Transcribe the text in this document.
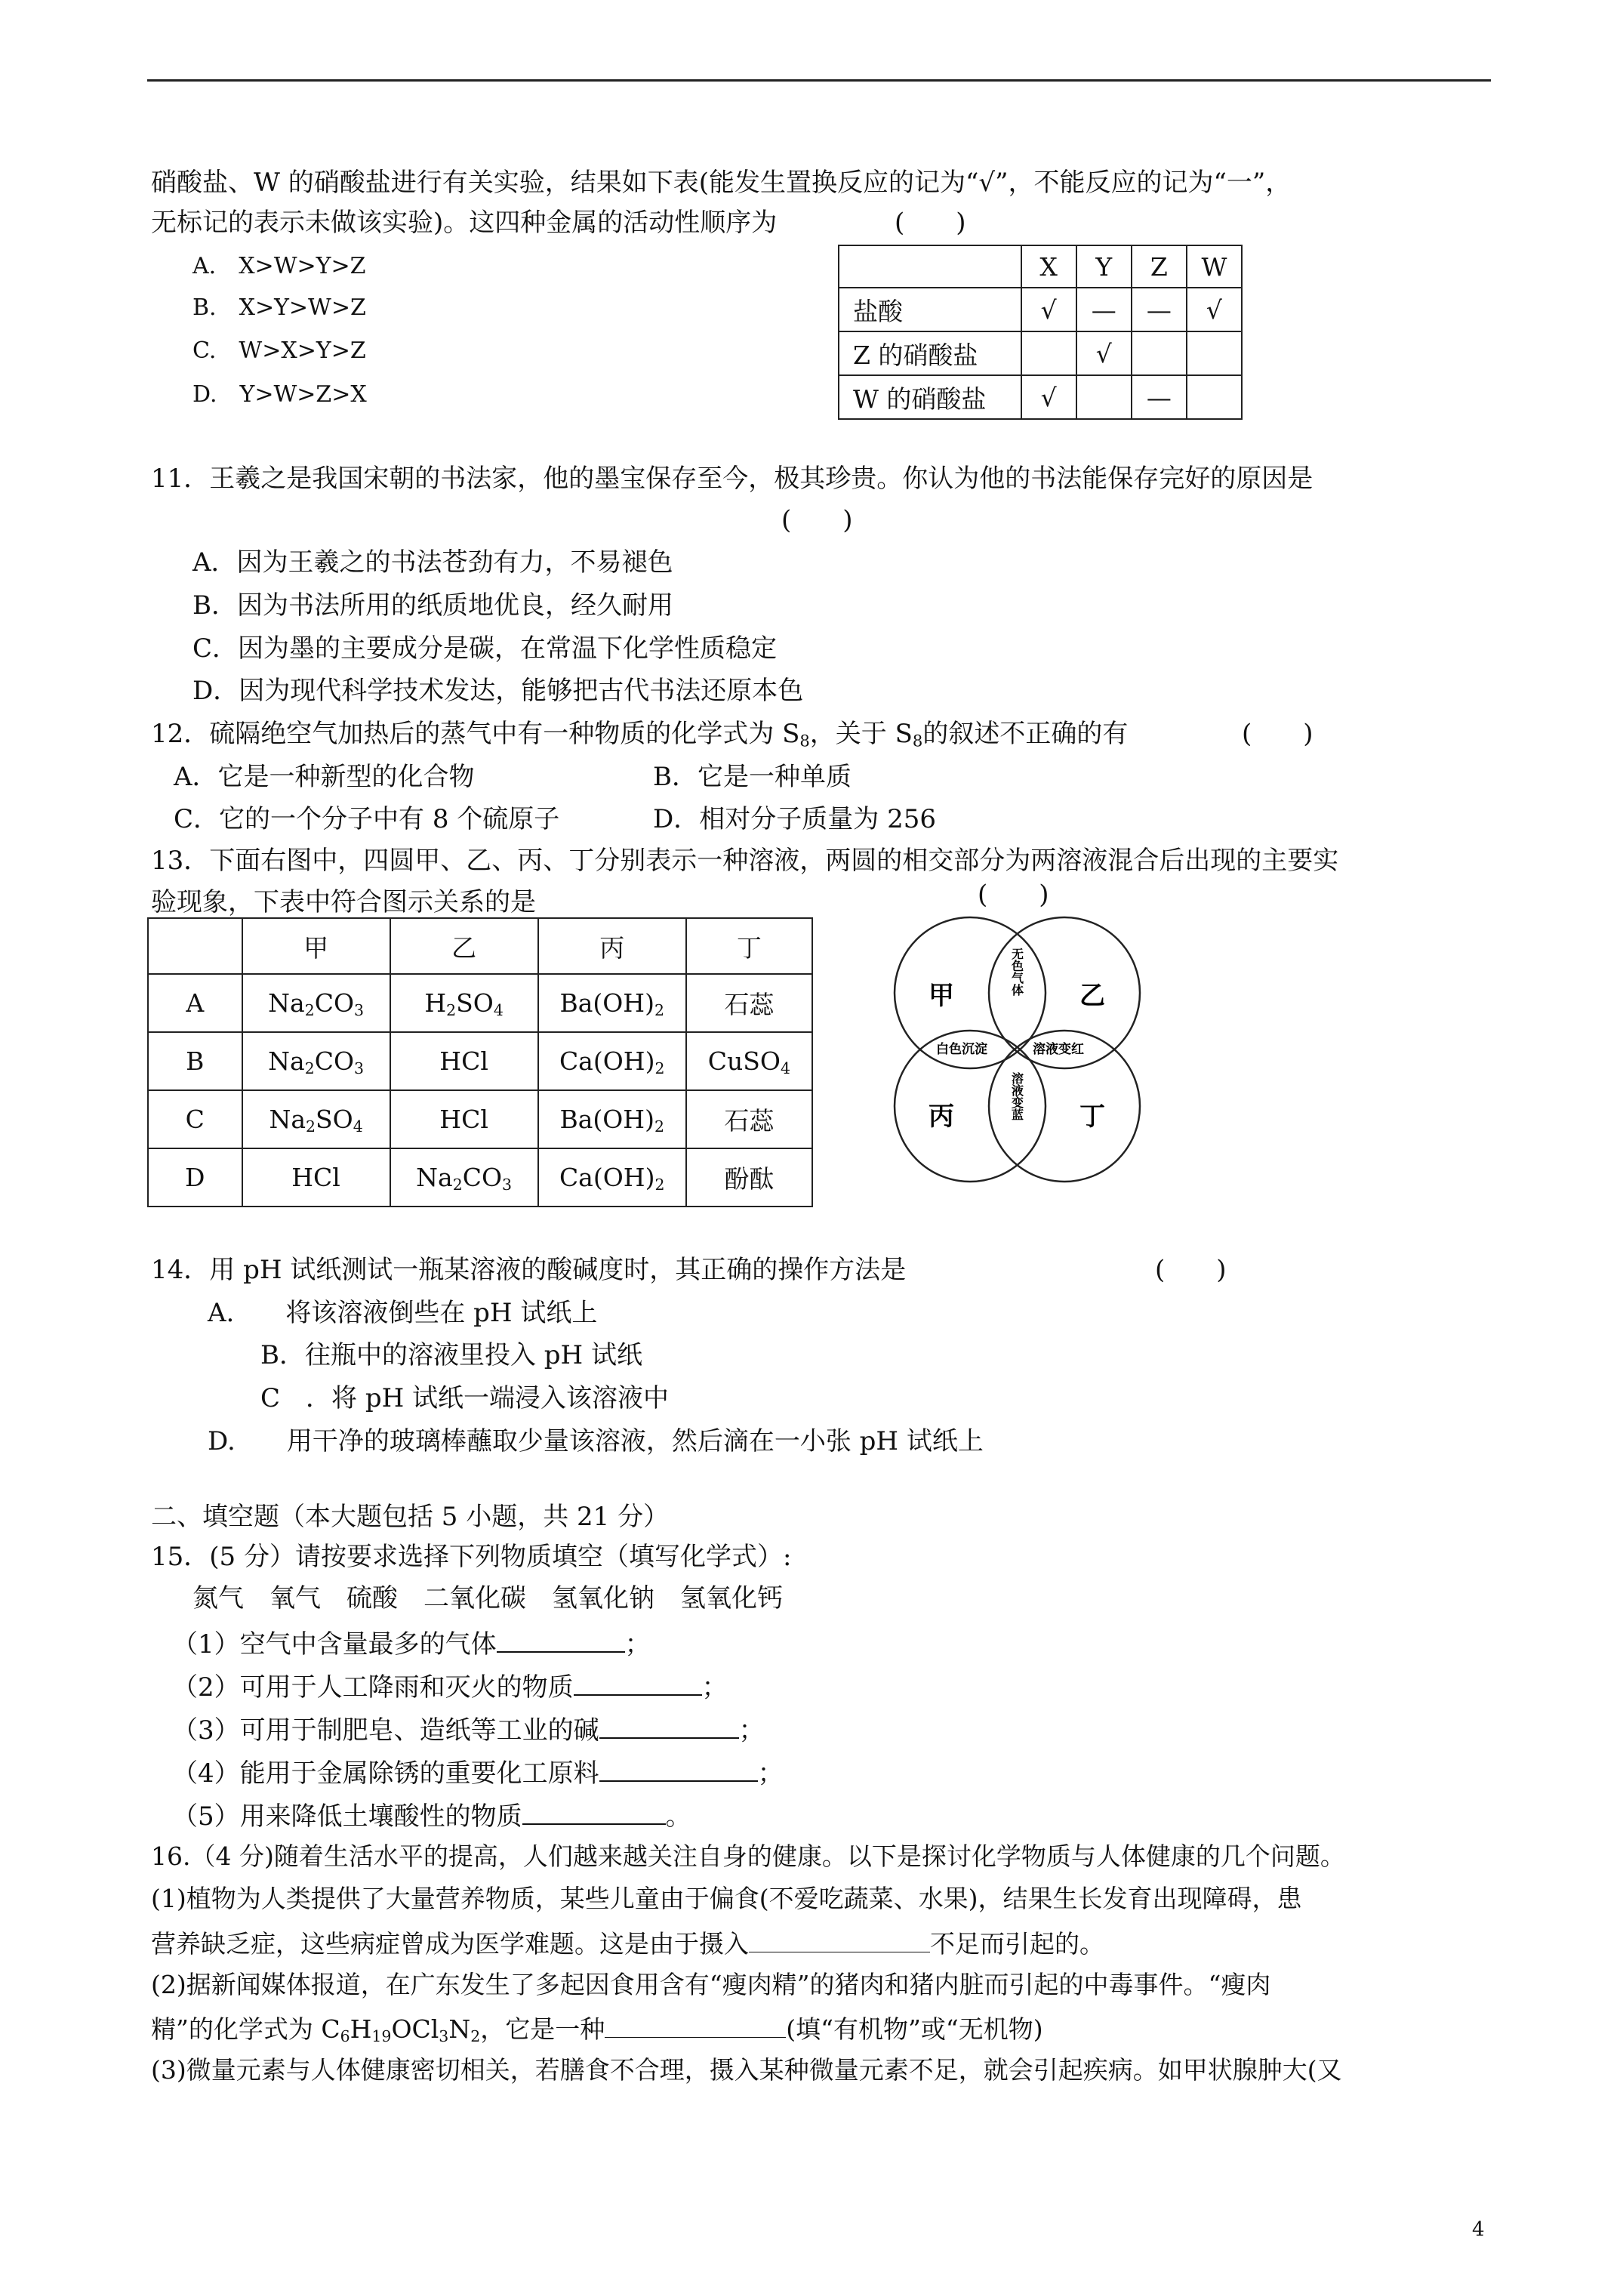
硝酸盐、W 的硝酸盐进行有关实验，结果如下表(能发生置换反应的记为“√”，不能反应的记为“一”，
无标记的表示未做该实验)。这四种金属的活动性顺序为	(　　)
A.　X>W>Y>Z
B.　X>Y>W>Z
C.　W>X>Y>Z
D.　Y>W>Z>X
	X	Y	Z	W
盐酸	√	—	—	√
Z 的硝酸盐		√		
W 的硝酸盐	√		—	
11．王羲之是我国宋朝的书法家，他的墨宝保存至今，极其珍贵。你认为他的书法能保存完好的原因是
(　　)
A．因为王羲之的书法苍劲有力，不易褪色
B．因为书法所用的纸质地优良，经久耐用
C．因为墨的主要成分是碳，在常温下化学性质稳定
D．因为现代科学技术发达，能够把古代书法还原本色
12．硫隔绝空气加热后的蒸气中有一种物质的化学式为 $S_8$，关于 $S_8$的叙述不正确的有	(　　)
A．它是一种新型的化合物	B．它是一种单质
C．它的一个分子中有 8 个硫原子	D．相对分子质量为 256
13．下面右图中，四圆甲、乙、丙、丁分别表示一种溶液，两圆的相交部分为两溶液混合后出现的主要实
验现象，下表中符合图示关系的是	(　　)
	甲	乙	丙	丁
A	$Na_2CO_3$	$H_2SO_4$	$Ba(OH)_2$	石蕊
B	$Na_2CO_3$	HCl	$Ca(OH)_2$	CuSO$_4$
C	$Na_2SO_4$	HCl	$Ba(OH)_2$	石蕊
D	HCl	$Na_2CO_3$	$Ca(OH)_2$	酚酞
甲	乙
丙	丁
无色气体
白色沉淀	溶液变红
溶液变蓝
14．用 pH 试纸测试一瓶某溶液的酸碱度时，其正确的操作方法是	(　　)
A.　　将该溶液倒些在 pH 试纸上
B．往瓶中的溶液里投入 pH 试纸
C　．将 pH 试纸一端浸入该溶液中
D.　　用干净的玻璃棒蘸取少量该溶液，然后滴在一小张 pH 试纸上
二、填空题（本大题包括 5 小题，共 21 分）
15．(5 分）请按要求选择下列物质填空（填写化学式）:
氮气　氧气　硫酸　二氧化碳　氢氧化钠　氢氧化钙
（1）空气中含量最多的气体	；
（2）可用于人工降雨和灭火的物质	；
（3）可用于制肥皂、造纸等工业的碱	；
（4）能用于金属除锈的重要化工原料	；
（5）用来降低土壤酸性的物质	。
16.（4 分)随着生活水平的提高，人们越来越关注自身的健康。以下是探讨化学物质与人体健康的几个问题。
(1)植物为人类提供了大量营养物质，某些儿童由于偏食(不爱吃蔬菜、水果)，结果生长发育出现障碍，患
营养缺乏症，这些病症曾成为医学难题。这是由于摄入	不足而引起的。
(2)据新闻媒体报道，在广东发生了多起因食用含有“瘦肉精”的猪肉和猪内脏而引起的中毒事件。“瘦肉
精”的化学式为 $C_6H_{19}OCl_3N_2$，它是一种	(填“有机物”或“无机物)
(3)微量元素与人体健康密切相关，若膳食不合理，摄入某种微量元素不足，就会引起疾病。如甲状腺肿大(又
4
